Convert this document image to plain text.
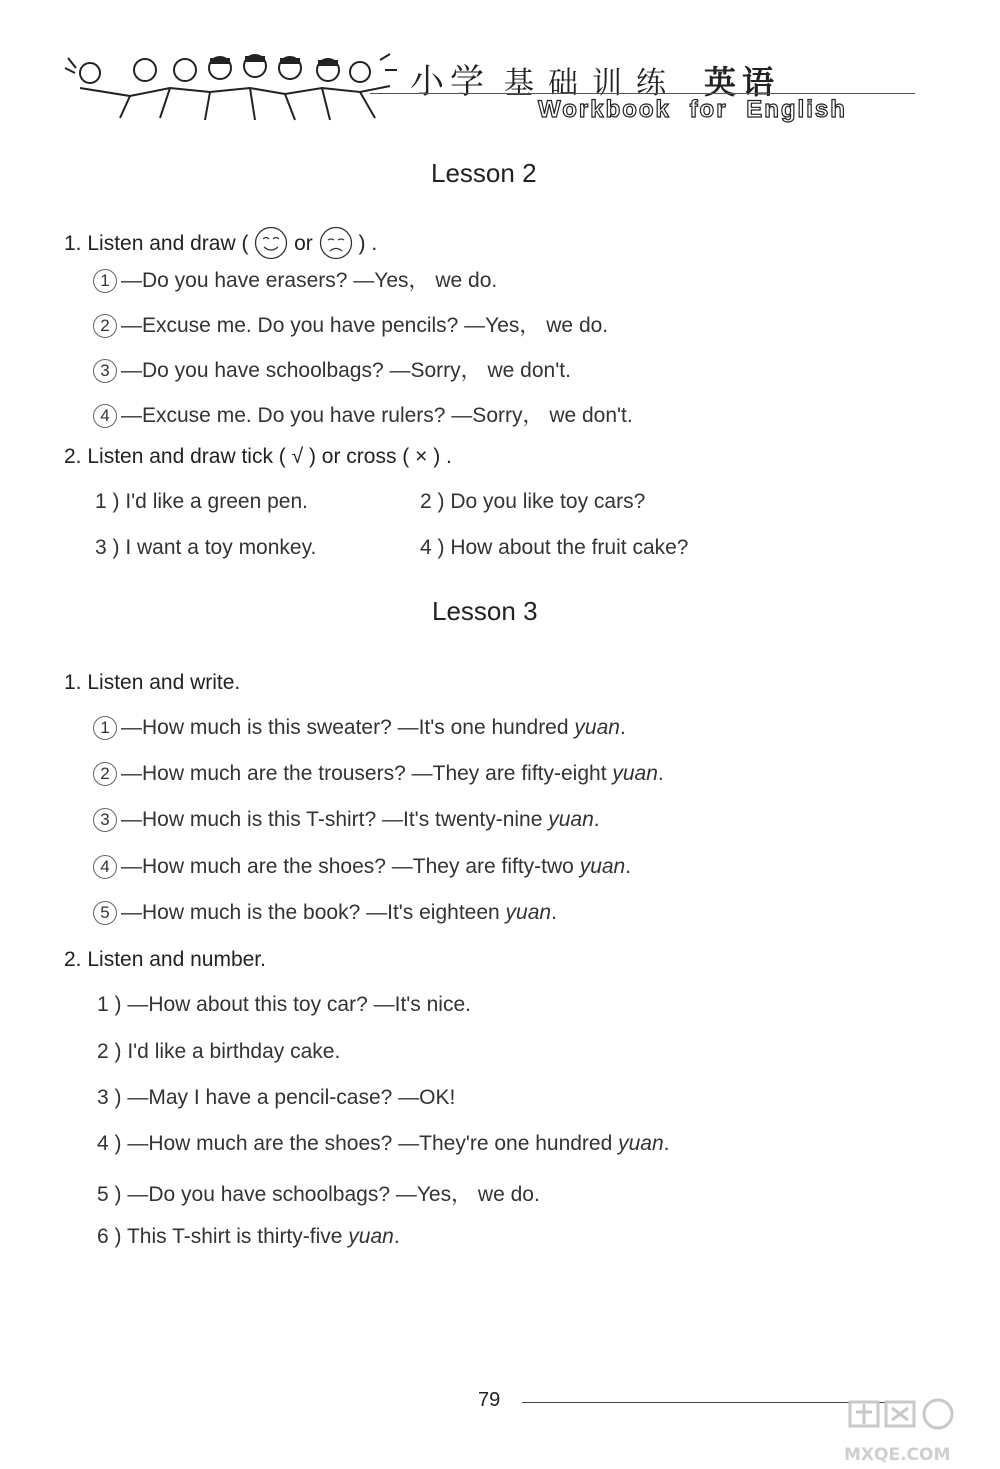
小学 基础训练 英语
Workbook for English
Lesson 2
1. Listen and draw ( or ) .
1 —Do you have erasers? —Yes， we do.
2 —Excuse me. Do you have pencils? —Yes， we do.
3 —Do you have schoolbags? —Sorry， we don't.
4 —Excuse me. Do you have rulers? —Sorry， we don't.
2. Listen and draw tick ( √ ) or cross ( × ) .
1 ) I'd like a green pen.	2 ) Do you like toy cars?
3 ) I want a toy monkey.	4 ) How about the fruit cake?
Lesson 3
1. Listen and write.
1 —How much is this sweater? —It's one hundred yuan.
2 —How much are the trousers? —They are fifty-eight yuan.
3 —How much is this T-shirt? —It's twenty-nine yuan.
4 —How much are the shoes? —They are fifty-two yuan.
5 —How much is the book? —It's eighteen yuan.
2. Listen and number.
1 ) —How about this toy car? —It's nice.
2 ) I'd like a birthday cake.
3 ) —May I have a pencil-case? —OK!
4 ) —How much are the shoes? —They're one hundred yuan.
5 ) —Do you have schoolbags? —Yes， we do.
6 ) This T-shirt is thirty-five yuan.
79
MXQE.COM
